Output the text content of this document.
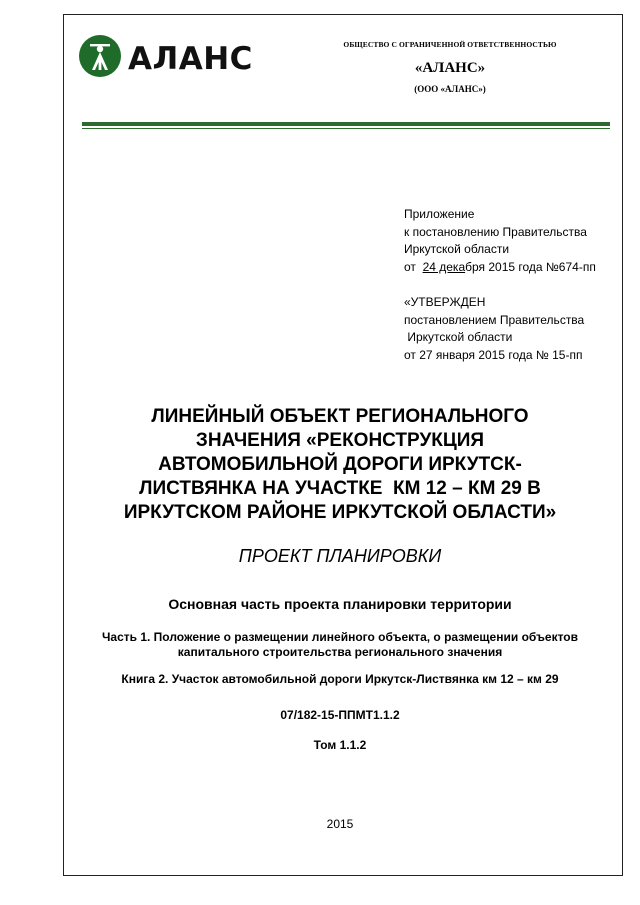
АЛАНС	ОБЩЕСТВО С ОГРАНИЧЕННОЙ ОТВЕТСТВЕННОСТЬЮ
«АЛАНС»
(ООО «АЛАНС»)
Приложение
к постановлению Правительства
Иркутской области
от 24 декабря 2015 года №674-пп
«УТВЕРЖДЕН
постановлением Правительства
Иркутской области
от 27 января 2015 года № 15-пп
ЛИНЕЙНЫЙ ОБЪЕКТ РЕГИОНАЛЬНОГО
ЗНАЧЕНИЯ «РЕКОНСТРУКЦИЯ
АВТОМОБИЛЬНОЙ ДОРОГИ ИРКУТСК-
ЛИСТВЯНКА НА УЧАСТКЕ  КМ 12 – КМ 29 В
ИРКУТСКОМ РАЙОНЕ ИРКУТСКОЙ ОБЛАСТИ»
ПРОЕКТ ПЛАНИРОВКИ
Основная часть проекта планировки территории
Часть 1. Положение о размещении линейного объекта, о размещении объектов
капитального строительства регионального значения
Книга 2. Участок автомобильной дороги Иркутск-Листвянка км 12 – км 29
07/182-15-ППМТ1.1.2
Том 1.1.2
2015
